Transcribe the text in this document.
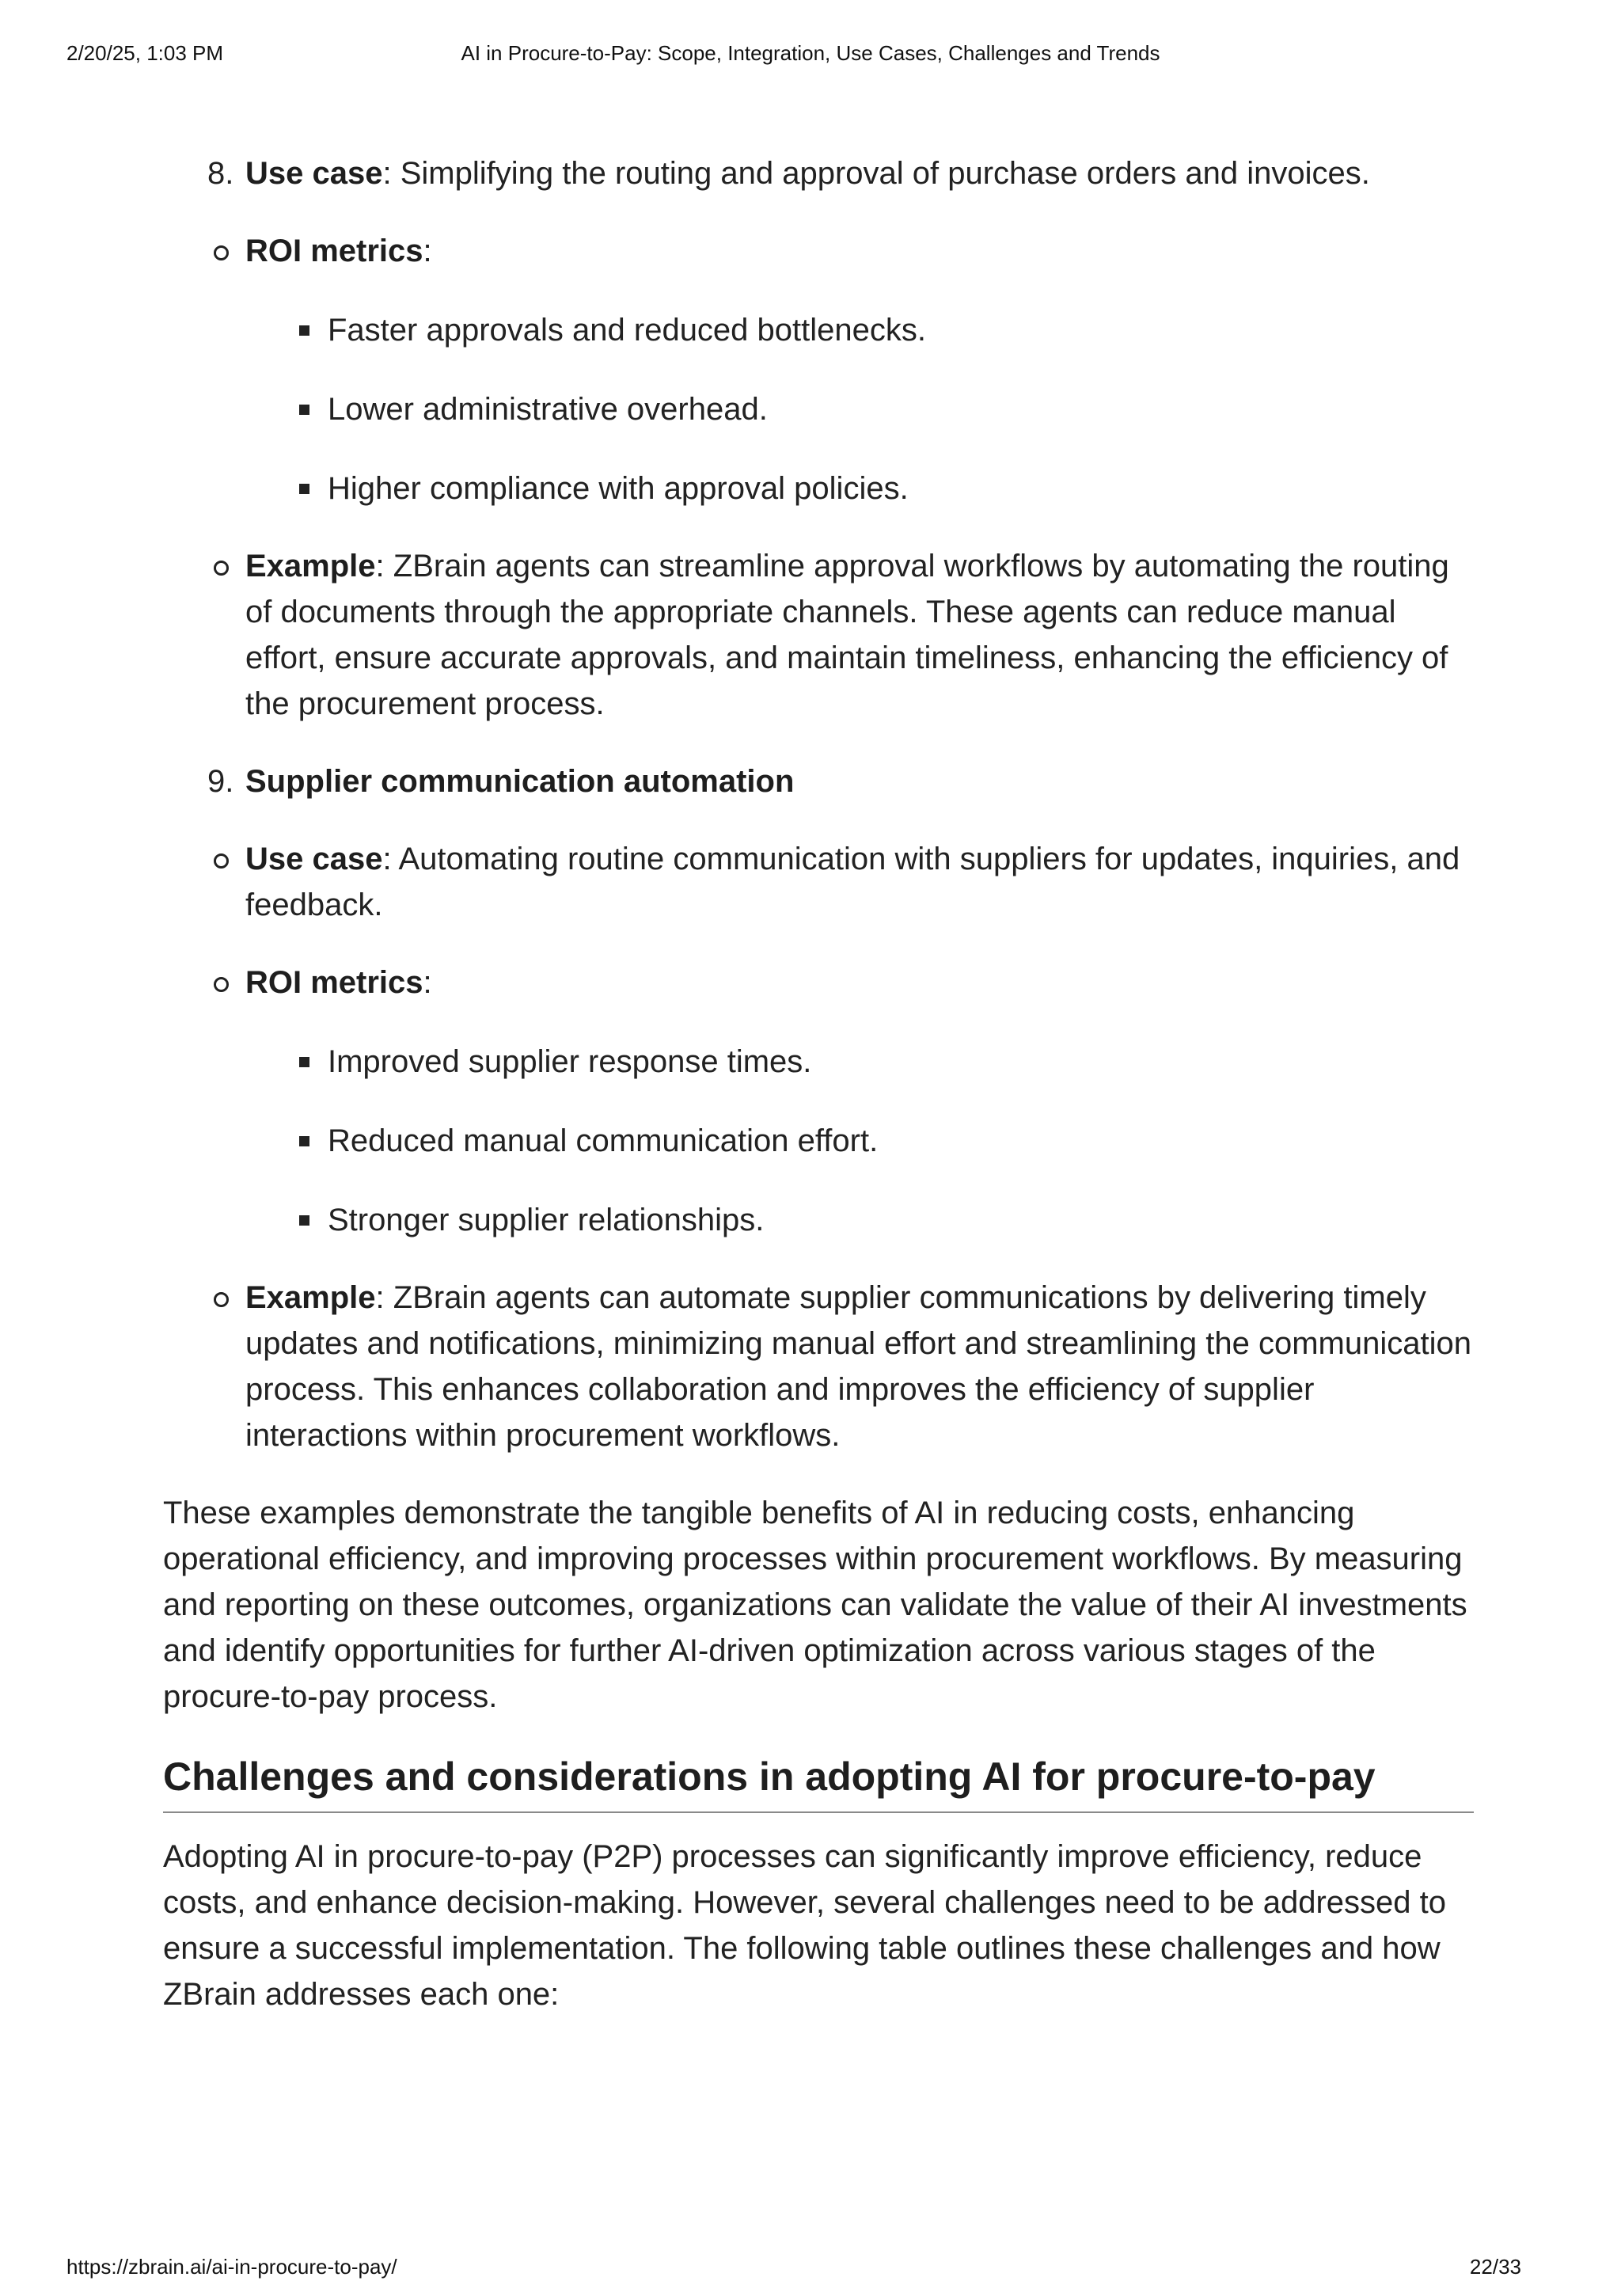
2/20/25, 1:03 PM	AI in Procure-to-Pay: Scope, Integration, Use Cases, Challenges and Trends
8. Use case: Simplifying the routing and approval of purchase orders and invoices.
ROI metrics:
Faster approvals and reduced bottlenecks.
Lower administrative overhead.
Higher compliance with approval policies.
Example: ZBrain agents can streamline approval workflows by automating the routing of documents through the appropriate channels. These agents can reduce manual effort, ensure accurate approvals, and maintain timeliness, enhancing the efficiency of the procurement process.
9. Supplier communication automation
Use case: Automating routine communication with suppliers for updates, inquiries, and feedback.
ROI metrics:
Improved supplier response times.
Reduced manual communication effort.
Stronger supplier relationships.
Example: ZBrain agents can automate supplier communications by delivering timely updates and notifications, minimizing manual effort and streamlining the communication process. This enhances collaboration and improves the efficiency of supplier interactions within procurement workflows.

These examples demonstrate the tangible benefits of AI in reducing costs, enhancing operational efficiency, and improving processes within procurement workflows. By measuring and reporting on these outcomes, organizations can validate the value of their AI investments and identify opportunities for further AI-driven optimization across various stages of the procure-to-pay process.

Challenges and considerations in adopting AI for procure-to-pay

Adopting AI in procure-to-pay (P2P) processes can significantly improve efficiency, reduce costs, and enhance decision-making. However, several challenges need to be addressed to ensure a successful implementation. The following table outlines these challenges and how ZBrain addresses each one:

https://zbrain.ai/ai-in-procure-to-pay/	22/33
